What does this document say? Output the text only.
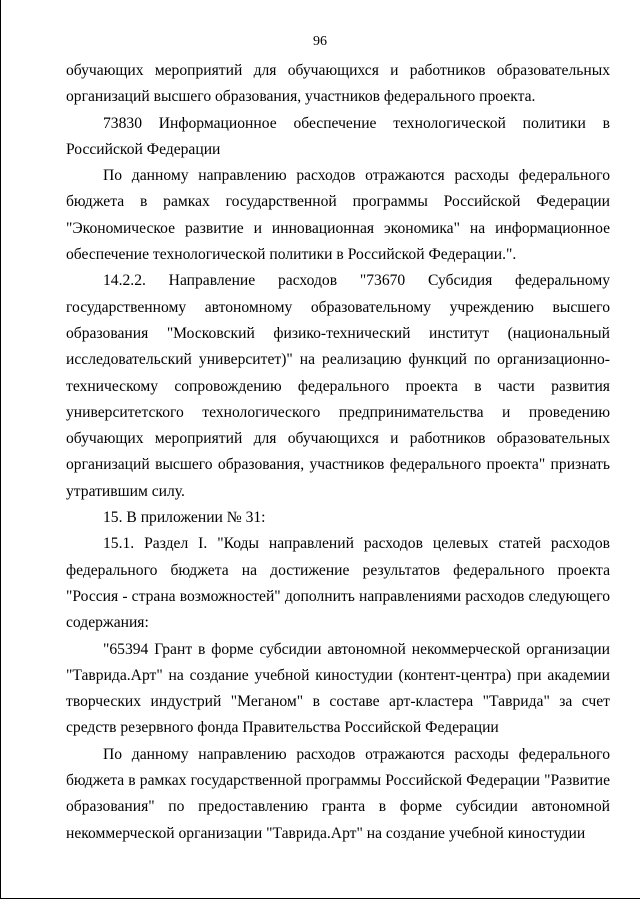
96

обучающих мероприятий для обучающихся и работников образовательных организаций высшего образования, участников федерального проекта.

73830 Информационное обеспечение технологической политики в Российской Федерации

По данному направлению расходов отражаются расходы федерального бюджета в рамках государственной программы Российской Федерации "Экономическое развитие и инновационная экономика" на информационное обеспечение технологической политики в Российской Федерации.".

14.2.2. Направление расходов "73670 Субсидия федеральному государственному автономному образовательному учреждению высшего образования "Московский физико-технический институт (национальный исследовательский университет)" на реализацию функций по организационно-техническому сопровождению федерального проекта в части развития университетского технологического предпринимательства и проведению обучающих мероприятий для обучающихся и работников образовательных организаций высшего образования, участников федерального проекта" признать утратившим силу.

15. В приложении № 31:

15.1. Раздел I. "Коды направлений расходов целевых статей расходов федерального бюджета на достижение результатов федерального проекта "Россия - страна возможностей" дополнить направлениями расходов следующего содержания:

"65394 Грант в форме субсидии автономной некоммерческой организации "Таврида.Арт" на создание учебной киностудии (контент-центра) при академии творческих индустрий "Меганом" в составе арт-кластера "Таврида" за счет средств резервного фонда Правительства Российской Федерации

По данному направлению расходов отражаются расходы федерального бюджета в рамках государственной программы Российской Федерации "Развитие образования" по предоставлению гранта в форме субсидии автономной некоммерческой организации "Таврида.Арт" на создание учебной киностудии
